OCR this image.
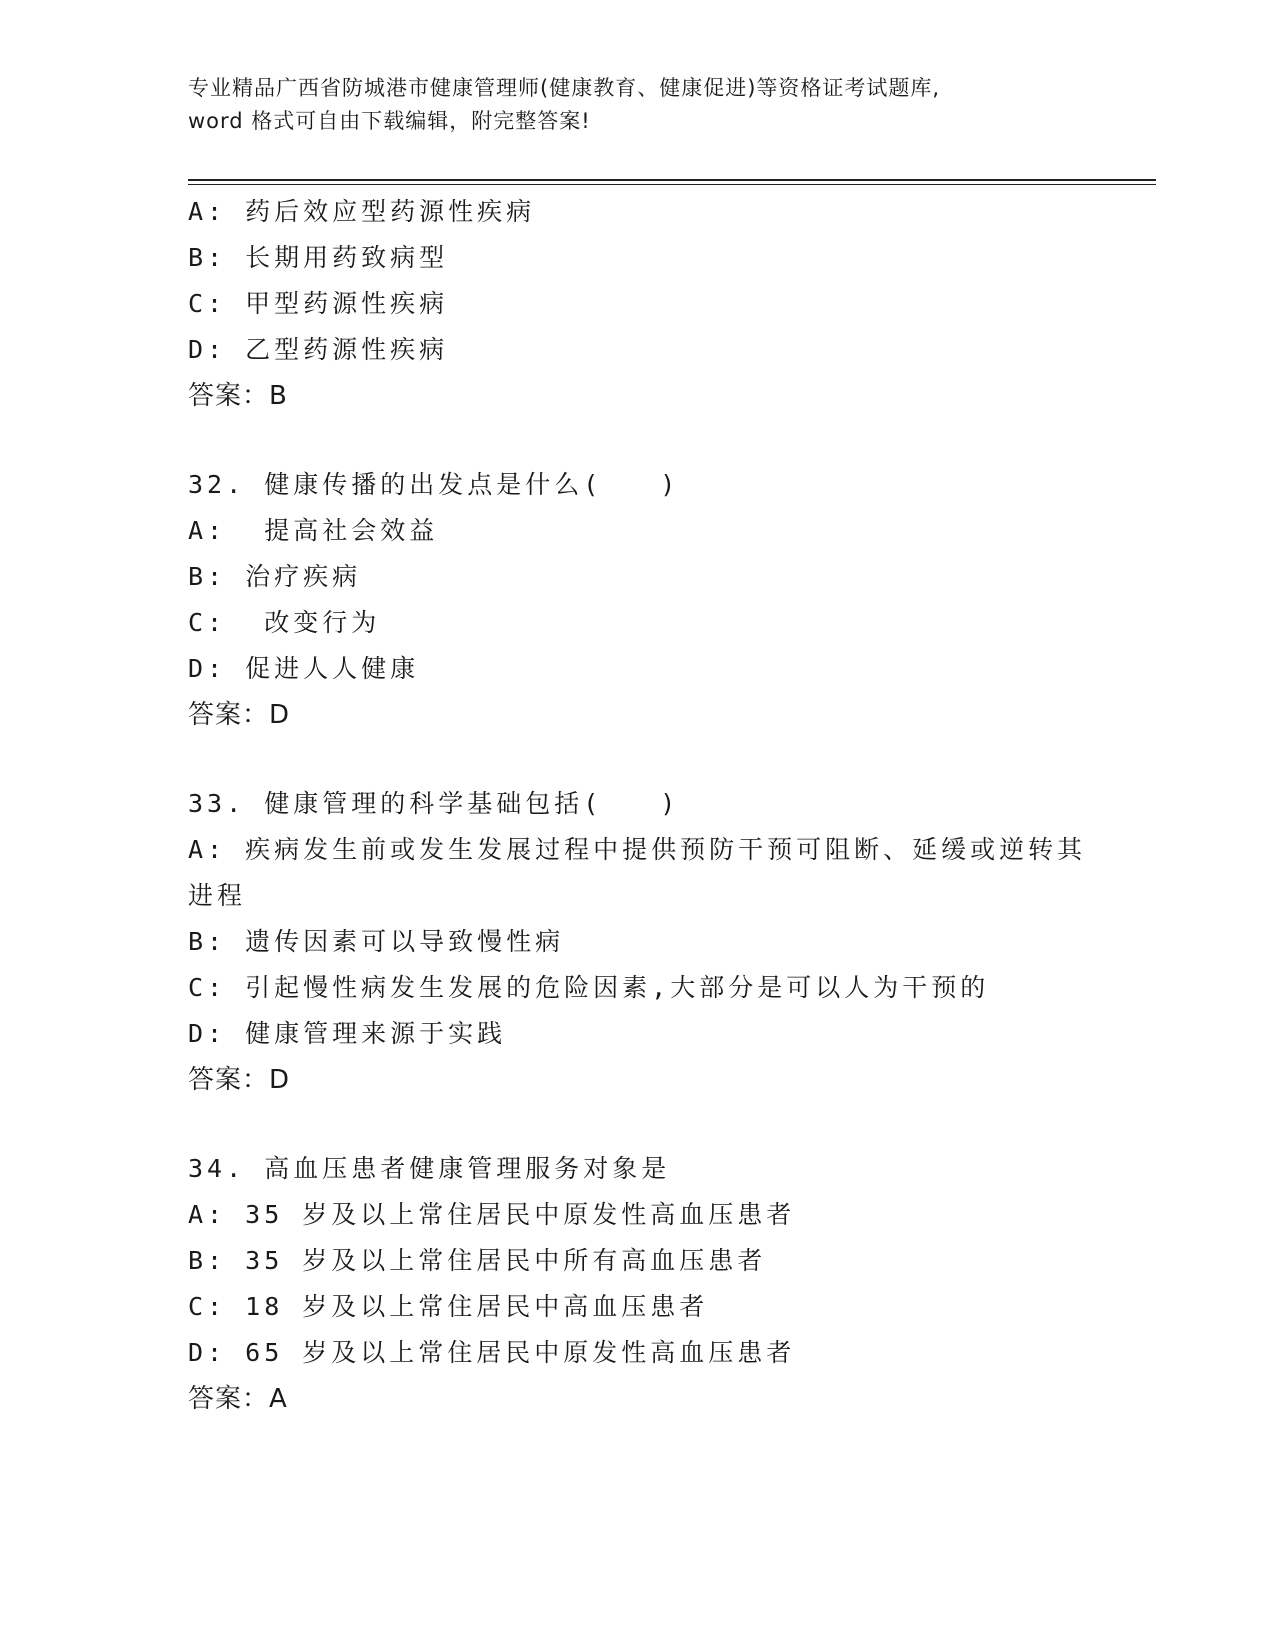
专业精品广西省防城港市健康管理师(健康教育、健康促进)等资格证考试题库,
word 格式可自由下载编辑，附完整答案!

A: 药后效应型药源性疾病

B: 长期用药致病型

C: 甲型药源性疾病

D: 乙型药源性疾病

答案：B

32. 健康传播的出发点是什么(　　)

A:  提高社会效益

B: 治疗疾病

C:  改变行为

D: 促进人人健康

答案：D

33. 健康管理的科学基础包括(　　)

A: 疾病发生前或发生发展过程中提供预防干预可阻断、延缓或逆转其进程

B: 遗传因素可以导致慢性病

C: 引起慢性病发生发展的危险因素,大部分是可以人为干预的

D: 健康管理来源于实践

答案：D

34. 高血压患者健康管理服务对象是

A: 35 岁及以上常住居民中原发性高血压患者

B: 35 岁及以上常住居民中所有高血压患者

C: 18 岁及以上常住居民中高血压患者

D: 65 岁及以上常住居民中原发性高血压患者

答案：A
